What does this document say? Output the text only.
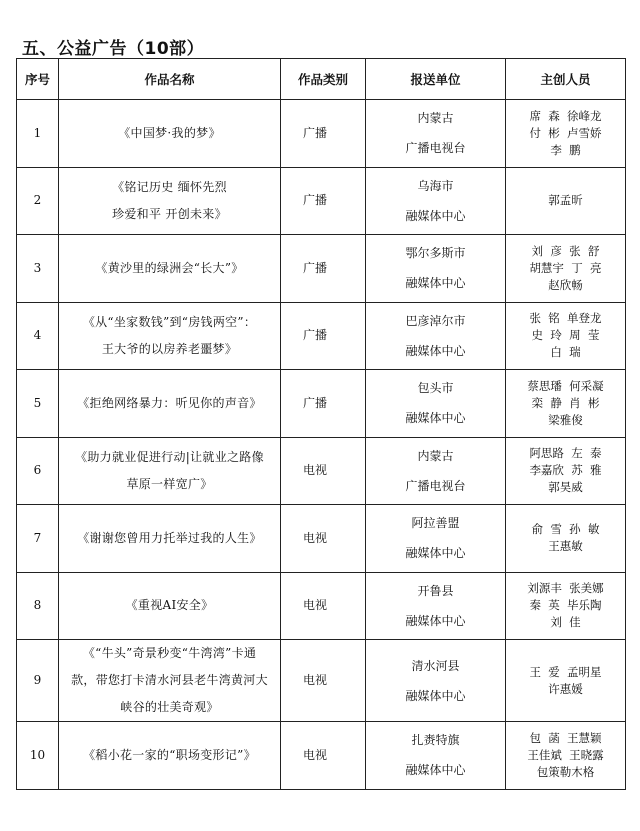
五、公益广告（10部）
序号	作品名称	作品类别	报送单位	主创人员
1	《中国梦·我的梦》	广播	内蒙古
广播电视台	席  森  徐峰龙
付  彬  卢雪娇
李  鹏

2	《铭记历史 缅怀先烈
珍爱和平 开创未来》	广播	乌海市
融媒体中心	郭孟昕

3	《黄沙里的绿洲会“长大”》	广播	鄂尔多斯市
融媒体中心	刘  彦  张  舒
胡慧宇  丁  亮
赵欣畅

4	《从“坐家数钱”到“房钱两空”：
王大爷的以房养老噩梦》	广播	巴彦淖尔市
融媒体中心	张  铭  单登龙
史  玲  周  莹
白  瑞

5	《拒绝网络暴力：听见你的声音》	广播	包头市
融媒体中心	蔡思璠  何采凝
栾  静  肖  彬
梁雅俊

6	《助力就业促进行动|让就业之路像
草原一样宽广》	电视	内蒙古
广播电视台	阿思路  左  泰
李嘉欣  苏  雅
郭昊威

7	《谢谢您曾用力托举过我的人生》	电视	阿拉善盟
融媒体中心	俞  雪  孙  敏
王惠敏

8	《重视AI安全》	电视	开鲁县
融媒体中心	刘源丰  张美娜
秦  英  毕乐陶
刘  佳

9	《“牛头”奇景秒变“牛湾湾”卡通
款，带您打卡清水河县老牛湾黄河大
峡谷的壮美奇观》	电视	清水河县
融媒体中心	王  爱  孟明星
许惠媛

10	《稻小花一家的“职场变形记”》	电视	扎赉特旗
融媒体中心	包  菡  王慧颖
王佳斌  王晓露
包策勒木格
